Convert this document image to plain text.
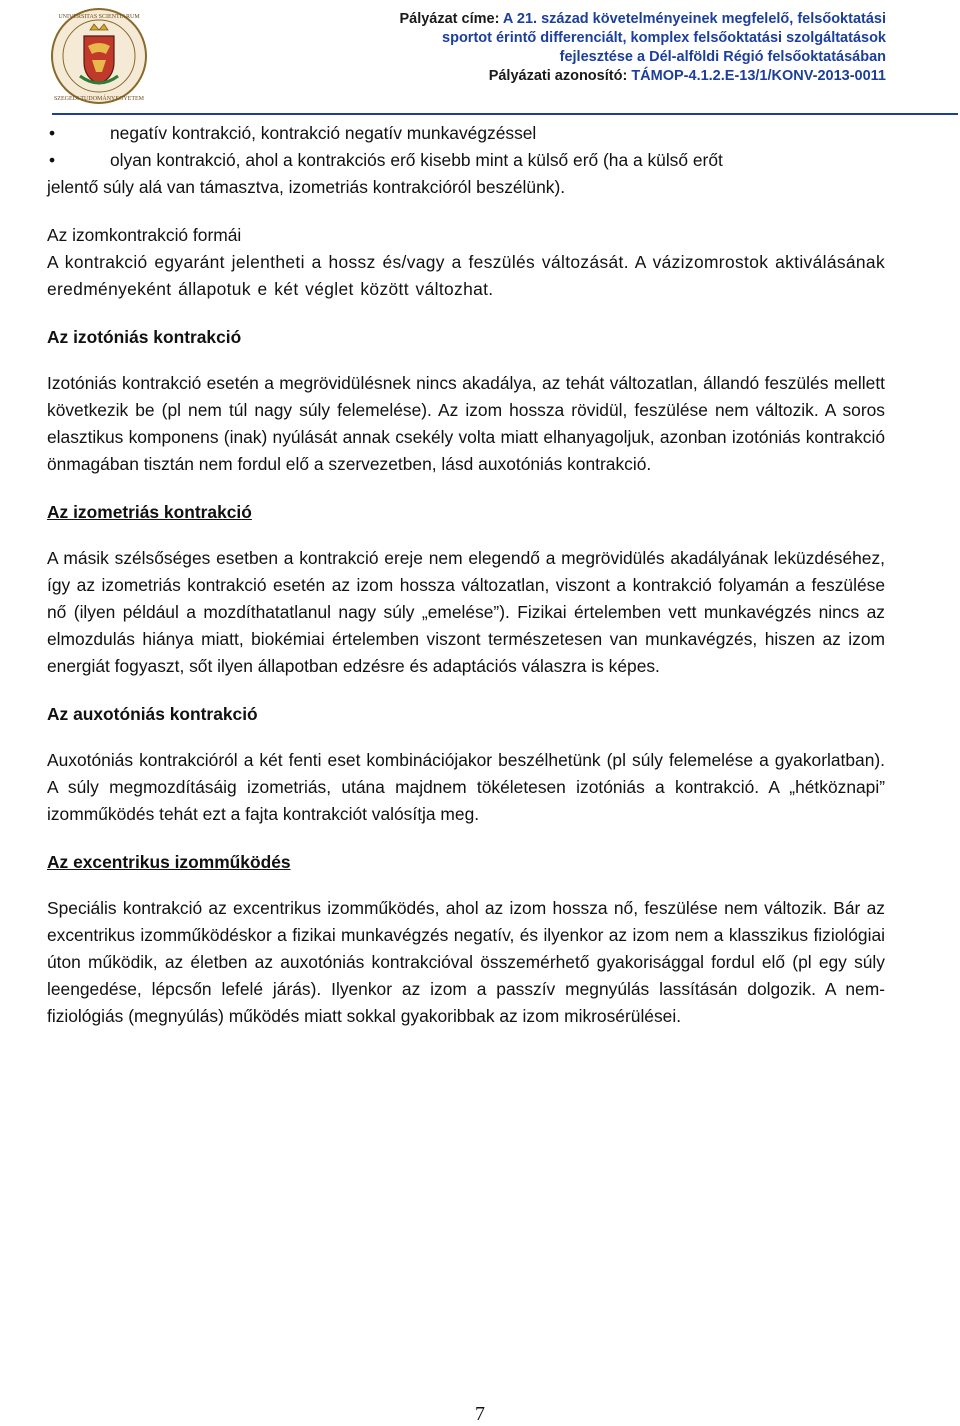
UNIVERSITAS SCIENTIARUM
SZEGEDI TUDOMÁNYEGYETEM
Pályázat címe: A 21. század követelményeinek megfelelő, felsőoktatási
sportot érintő differenciált, komplex felsőoktatási szolgáltatások
fejlesztése a Dél-alföldi Régió felsőoktatásában
Pályázati azonosító: TÁMOP-4.1.2.E-13/1/KONV-2013-0011

•	negatív kontrakció, kontrakció negatív munkavégzéssel

•	olyan kontrakció, ahol a kontrakciós erő kisebb mint a külső erő (ha a külső erőt

jelentő súly alá van támasztva, izometriás kontrakcióról beszélünk).

Az izomkontrakció formái

A kontrakció egyaránt jelentheti a hossz és/vagy a feszülés változását. A vázizomrostok aktiválásának eredményeként állapotuk e két véglet között változhat.

Az izotóniás kontrakció

Izotóniás kontrakció esetén a megrövidülésnek nincs akadálya, az tehát változatlan, állandó feszülés mellett következik be (pl nem túl nagy súly felemelése). Az izom hossza rövidül, feszülése nem változik. A soros elasztikus komponens (inak) nyúlását annak csekély volta miatt elhanyagoljuk, azonban izotóniás kontrakció önmagában tisztán nem fordul elő a szervezetben, lásd auxotóniás kontrakció.

Az izometriás kontrakció

A másik szélsőséges esetben a kontrakció ereje nem elegendő a megrövidülés akadályának leküzdéséhez, így az izometriás kontrakció esetén az izom hossza változatlan, viszont a kontrakció folyamán a feszülése nő (ilyen például a mozdíthatatlanul nagy súly „emelése”). Fizikai értelemben vett munkavégzés nincs az elmozdulás hiánya miatt, biokémiai értelemben viszont természetesen van munkavégzés, hiszen az izom energiát fogyaszt, sőt ilyen állapotban edzésre és adaptációs válaszra is képes.

Az auxotóniás kontrakció

Auxotóniás kontrakcióról a két fenti eset kombinációjakor beszélhetünk (pl súly felemelése a gyakorlatban). A súly megmozdításáig izometriás, utána majdnem tökéletesen izotóniás a kontrakció. A „hétköznapi” izomműködés tehát ezt a fajta kontrakciót valósítja meg.

Az excentrikus izomműködés

Speciális kontrakció az excentrikus izomműködés, ahol az izom hossza nő, feszülése nem változik. Bár az excentrikus izomműködéskor a fizikai munkavégzés negatív, és ilyenkor az izom nem a klasszikus fiziológiai úton működik, az életben az auxotóniás kontrakcióval összemérhető gyakorisággal fordul elő (pl egy súly leengedése, lépcsőn lefelé járás). Ilyenkor az izom a passzív megnyúlás lassításán dolgozik. A nem-fiziológiás (megnyúlás) működés miatt sokkal gyakoribbak az izom mikrosérülései.

7
